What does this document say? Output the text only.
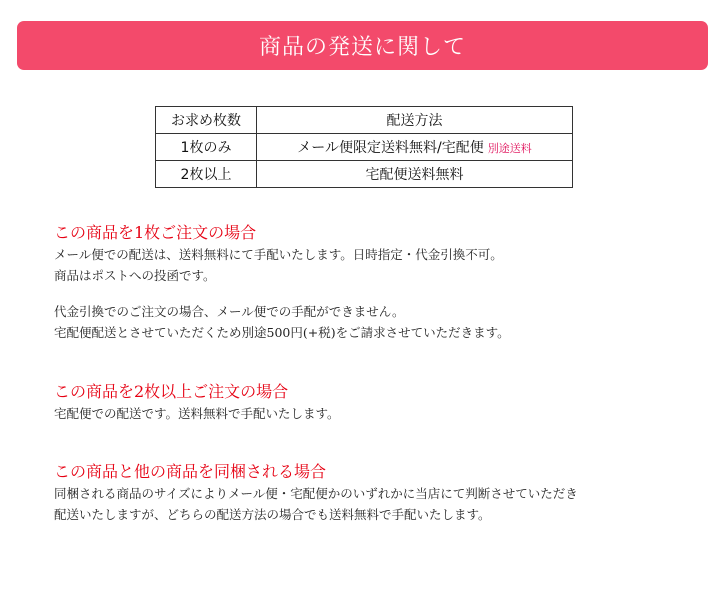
商品の発送に関して
お求め枚数	配送方法
1枚のみ	メール便限定送料無料/宅配便 別途送料
2枚以上	宅配便送料無料
この商品を1枚ご注文の場合

メール便での配送は、送料無料にて手配いたします。日時指定・代金引換不可。

商品はポストへの投函です。

代金引換でのご注文の場合、メール便での手配ができません。

宅配便配送とさせていただくため別途500円(+税)をご請求させていただきます。

この商品を2枚以上ご注文の場合

宅配便での配送です。送料無料で手配いたします。

この商品と他の商品を同梱される場合

同梱される商品のサイズによりメール便・宅配便かのいずれかに当店にて判断させていただき

配送いたしますが、どちらの配送方法の場合でも送料無料で手配いたします。
